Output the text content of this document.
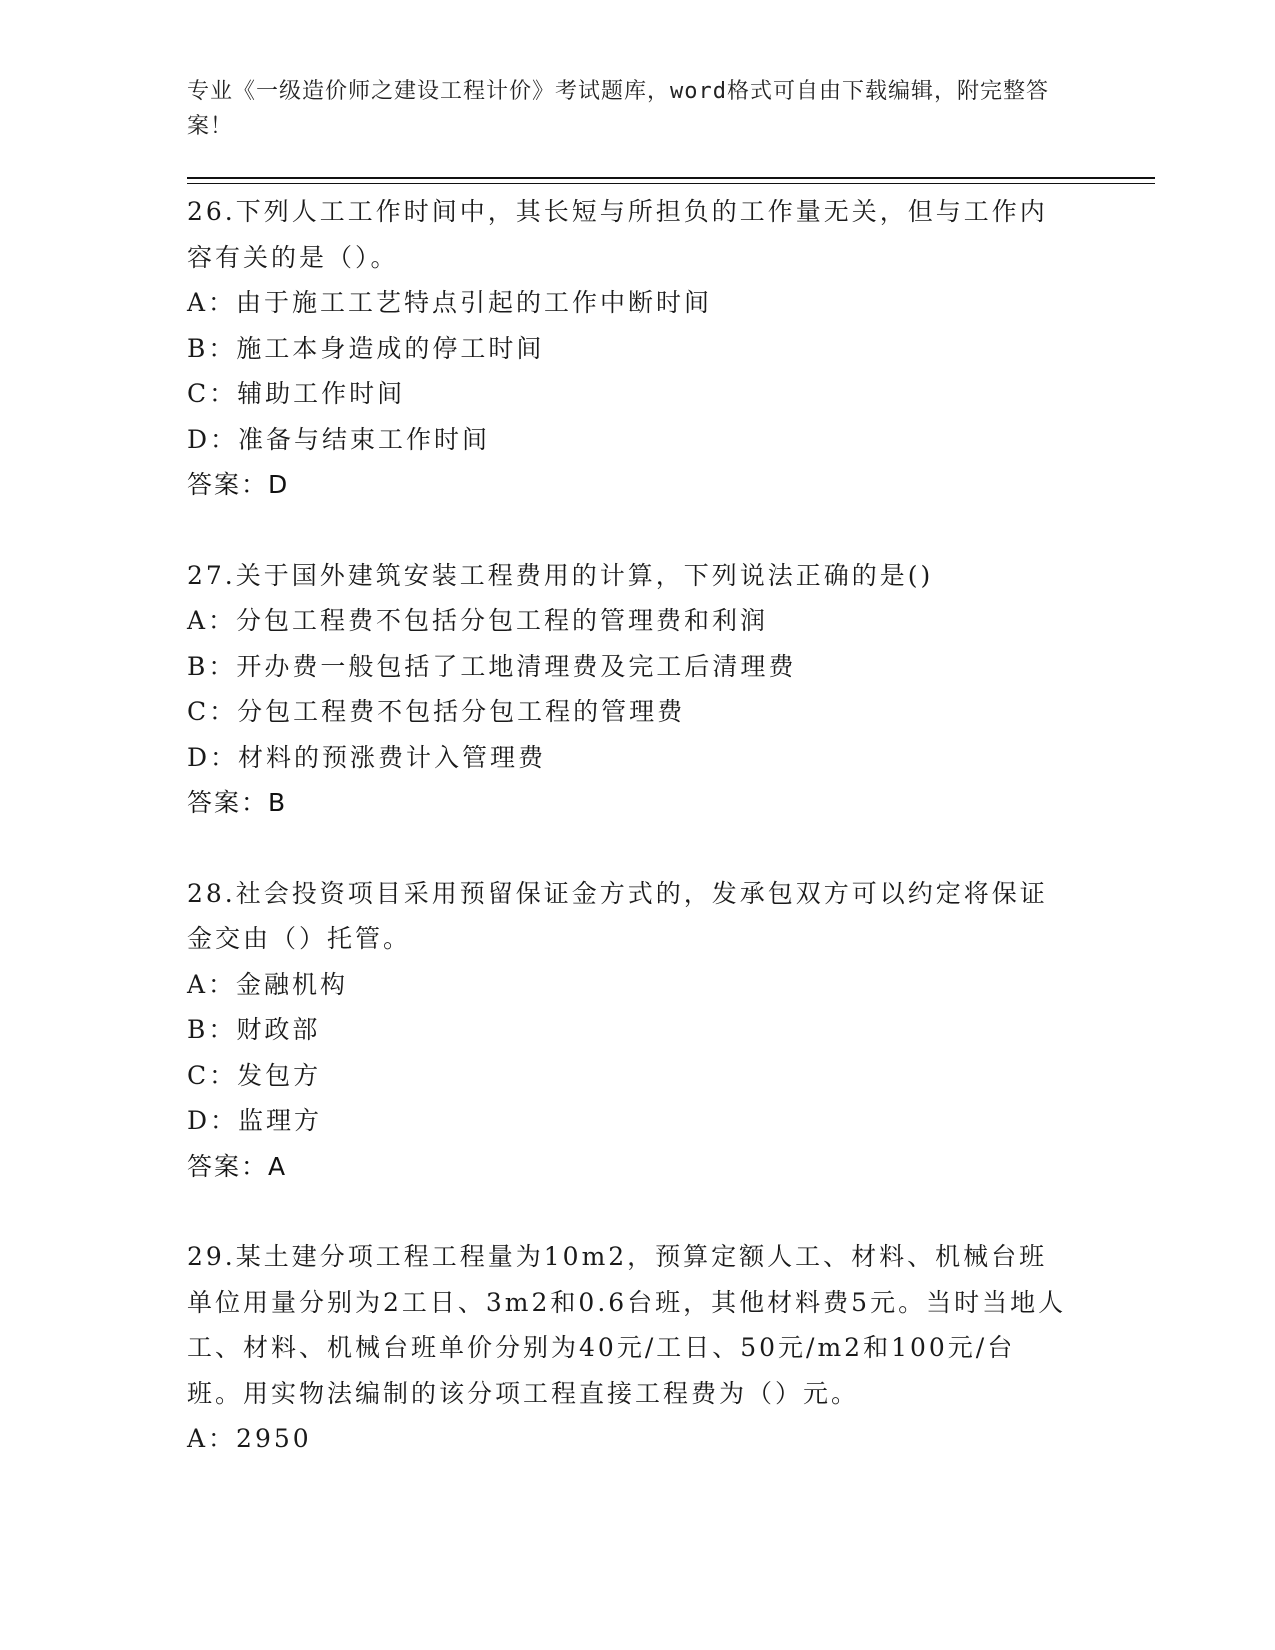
专业《一级造价师之建设工程计价》考试题库，word格式可自由下载编辑，附完整答案！
26.下列人工工作时间中，其长短与所担负的工作量无关，但与工作内容有关的是（）。
A：由于施工工艺特点引起的工作中断时间
B：施工本身造成的停工时间
C：辅助工作时间
D：准备与结束工作时间
答案：D
27.关于国外建筑安装工程费用的计算，下列说法正确的是()
A：分包工程费不包括分包工程的管理费和利润
B：开办费一般包括了工地清理费及完工后清理费
C：分包工程费不包括分包工程的管理费
D：材料的预涨费计入管理费
答案：B
28.社会投资项目采用预留保证金方式的，发承包双方可以约定将保证金交由（）托管。
A：金融机构
B：财政部
C：发包方
D：监理方
答案：A
29.某土建分项工程工程量为10m2，预算定额人工、材料、机械台班单位用量分别为2工日、3m2和0.6台班，其他材料费5元。当时当地人工、材料、机械台班单价分别为40元/工日、50元/m2和100元/台班。用实物法编制的该分项工程直接工程费为（）元。
A：2950
